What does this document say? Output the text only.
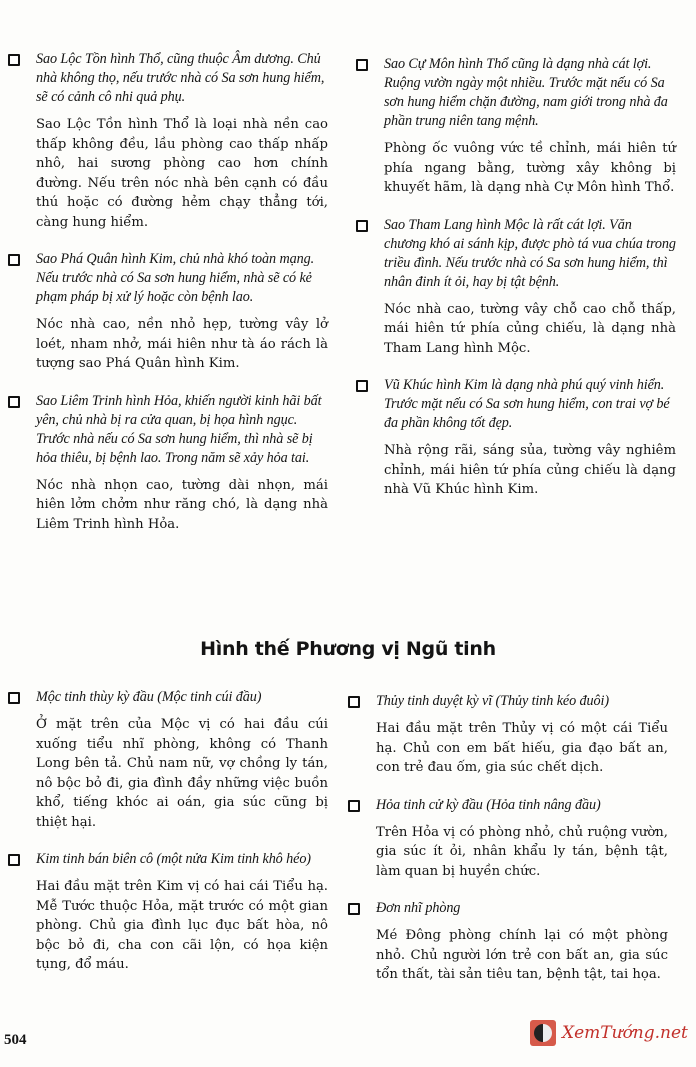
Sao Lộc Tồn hình Thổ, cũng thuộc Âm dương. Chủ nhà không thọ, nếu trước nhà có Sa sơn hung hiểm, sẽ có cảnh cô nhi quả phụ.

Sao Lộc Tồn hình Thổ là loại nhà nền cao thấp không đều, lầu phòng cao thấp nhấp nhô, hai sương phòng cao hơn chính đường. Nếu trên nóc nhà bên cạnh có đầu thú hoặc có đường hẻm chạy thẳng tới, càng hung hiểm.

Sao Phá Quân hình Kim, chủ nhà khó toàn mạng. Nếu trước nhà có Sa sơn hung hiểm, nhà sẽ có kẻ phạm pháp bị xử lý hoặc còn bệnh lao.

Nóc nhà cao, nền nhỏ hẹp, tường vây lở loét, nham nhở, mái hiên như tà áo rách là tượng sao Phá Quân hình Kim.

Sao Liêm Trinh hình Hỏa, khiến người kinh hãi bất yên, chủ nhà bị ra cửa quan, bị họa hình ngục. Trước nhà nếu có Sa sơn hung hiểm, thì nhà sẽ bị hỏa thiêu, bị bệnh lao. Trong năm sẽ xảy hỏa tai.

Nóc nhà nhọn cao, tường dài nhọn, mái hiên lởm chởm như răng chó, là dạng nhà Liêm Trinh hình Hỏa.

Sao Cự Môn hình Thổ cũng là dạng nhà cát lợi. Ruộng vườn ngày một nhiều. Trước mặt nếu có Sa sơn hung hiểm chặn đường, nam giới trong nhà đa phần trung niên tang mệnh.

Phòng ốc vuông vức tề chỉnh, mái hiên tứ phía ngang bằng, tường xây không bị khuyết hãm, là dạng nhà Cự Môn hình Thổ.

Sao Tham Lang hình Mộc là rất cát lợi. Văn chương khó ai sánh kịp, được phò tá vua chúa trong triều đình. Nếu trước nhà có Sa sơn hung hiểm, thì nhân đinh ít ỏi, hay bị tật bệnh.

Nóc nhà cao, tường vây chỗ cao chỗ thấp, mái hiên tứ phía củng chiếu, là dạng nhà Tham Lang hình Mộc.

Vũ Khúc hình Kim là dạng nhà phú quý vinh hiển. Trước mặt nếu có Sa sơn hung hiểm, con trai vợ bé đa phần không tốt đẹp.

Nhà rộng rãi, sáng sủa, tường vây nghiêm chỉnh, mái hiên tứ phía củng chiếu là dạng nhà Vũ Khúc hình Kim.

Hình thế Phương vị Ngũ tinh

Mộc tinh thùy kỳ đầu (Mộc tinh cúi đầu)

Ở mặt trên của Mộc vị có hai đầu cúi xuống tiểu nhĩ phòng, không có Thanh Long bên tả. Chủ nam nữ, vợ chồng ly tán, nô bộc bỏ đi, gia đình đầy những việc buồn khổ, tiếng khóc ai oán, gia súc cũng bị thiệt hại.

Kim tinh bán biên cô (một nửa Kim tinh khô héo)

Hai đầu mặt trên Kim vị có hai cái Tiểu hạ. Mễ Tước thuộc Hỏa, mặt trước có một gian phòng. Chủ gia đình lục đục bất hòa, nô bộc bỏ đi, cha con cãi lộn, có họa kiện tụng, đổ máu.

Thủy tinh duyệt kỳ vĩ (Thủy tinh kéo đuôi)

Hai đầu mặt trên Thủy vị có một cái Tiểu hạ. Chủ con em bất hiếu, gia đạo bất an, con trẻ đau ốm, gia súc chết dịch.

Hỏa tinh cử kỳ đầu (Hỏa tinh nâng đầu)

Trên Hỏa vị có phòng nhỏ, chủ ruộng vườn, gia súc ít ỏi, nhân khẩu ly tán, bệnh tật, làm quan bị huyền chức.

Đơn nhĩ phòng

Mé Đông phòng chính lại có một phòng nhỏ. Chủ người lớn trẻ con bất an, gia súc tổn thất, tài sản tiêu tan, bệnh tật, tai họa.

504	XemTướng.net
